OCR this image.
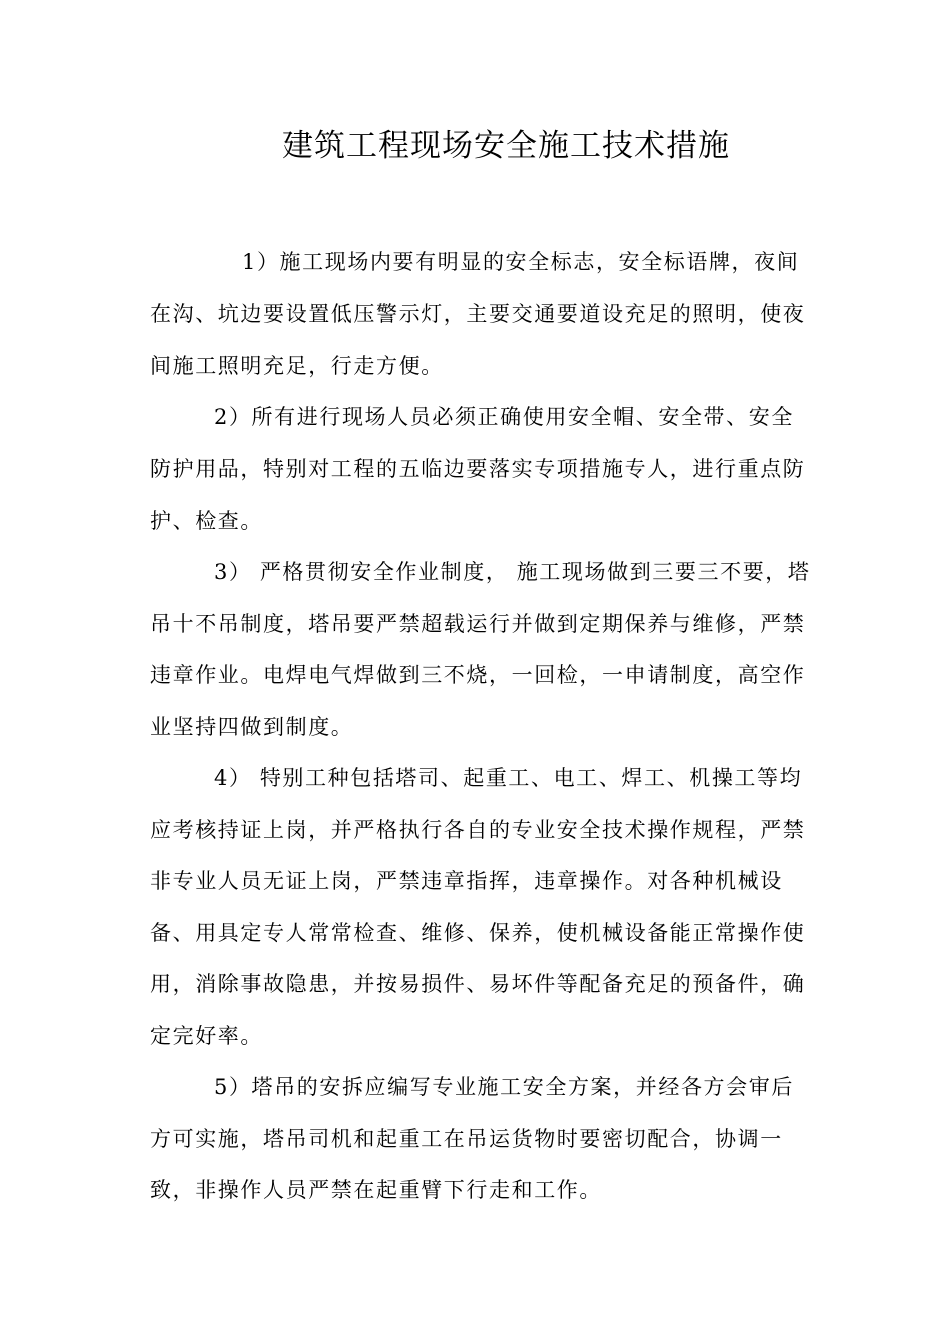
建筑工程现场安全施工技术措施
1）施工现场内要有明显的安全标志，安全标语牌，夜间
在沟、坑边要设置低压警示灯，主要交通要道设充足的照明，使夜
间施工照明充足，行走方便。
2）所有进行现场人员必须正确使用安全帽、安全带、安全
防护用品，特别对工程的五临边要落实专项措施专人，进行重点防
护、检查。
3） 严格贯彻安全作业制度， 施工现场做到三要三不要，塔
吊十不吊制度，塔吊要严禁超载运行并做到定期保养与维修，严禁
违章作业。电焊电气焊做到三不烧，一回检，一申请制度，高空作
业坚持四做到制度。
4） 特别工种包括塔司、起重工、电工、焊工、机操工等均
应考核持证上岗，并严格执行各自的专业安全技术操作规程，严禁
非专业人员无证上岗，严禁违章指挥，违章操作。对各种机械设
备、用具定专人常常检查、维修、保养，使机械设备能正常操作使
用，消除事故隐患，并按易损件、易坏件等配备充足的预备件，确
定完好率。
5）塔吊的安拆应编写专业施工安全方案，并经各方会审后
方可实施，塔吊司机和起重工在吊运货物时要密切配合，协调一
致，非操作人员严禁在起重臂下行走和工作。
